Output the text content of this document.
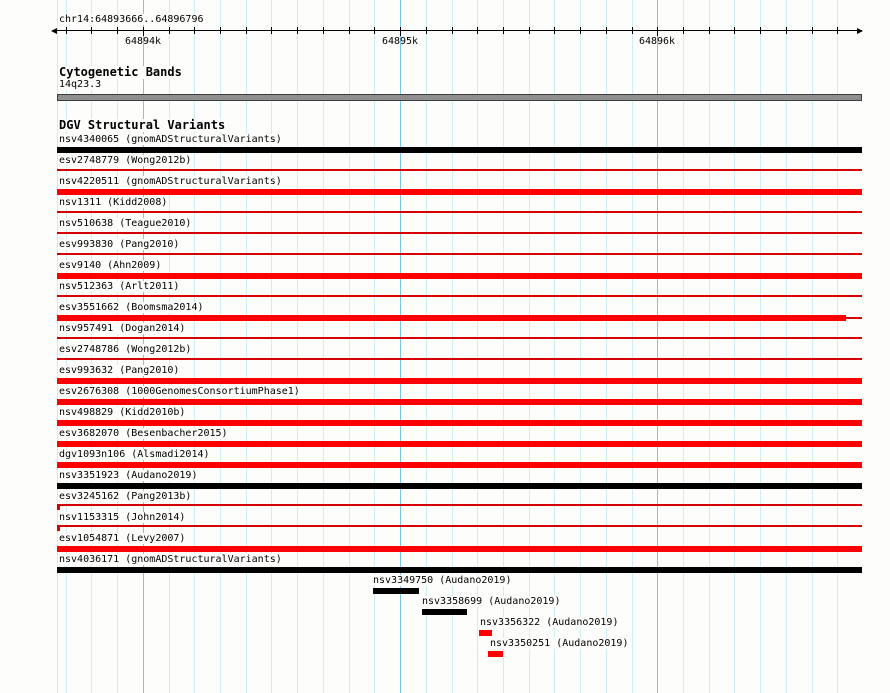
chr14:64893666..64896796
64894k	64895k	64896k
Cytogenetic Bands
14q23.3
DGV Structural Variants
nsv4340065 (gnomADStructuralVariants)
esv2748779 (Wong2012b)
nsv4220511 (gnomADStructuralVariants)
nsv1311 (Kidd2008)
nsv510638 (Teague2010)
esv993830 (Pang2010)
esv9140 (Ahn2009)
nsv512363 (Arlt2011)
esv3551662 (Boomsma2014)
nsv957491 (Dogan2014)
esv2748786 (Wong2012b)
esv993632 (Pang2010)
esv2676308 (1000GenomesConsortiumPhase1)
nsv498829 (Kidd2010b)
esv3682070 (Besenbacher2015)
dgv1093n106 (Alsmadi2014)
nsv3351923 (Audano2019)
esv3245162 (Pang2013b)
nsv1153315 (John2014)
esv1054871 (Levy2007)
nsv4036171 (gnomADStructuralVariants)
nsv3349750 (Audano2019)
nsv3358699 (Audano2019)
nsv3356322 (Audano2019)
nsv3350251 (Audano2019)
